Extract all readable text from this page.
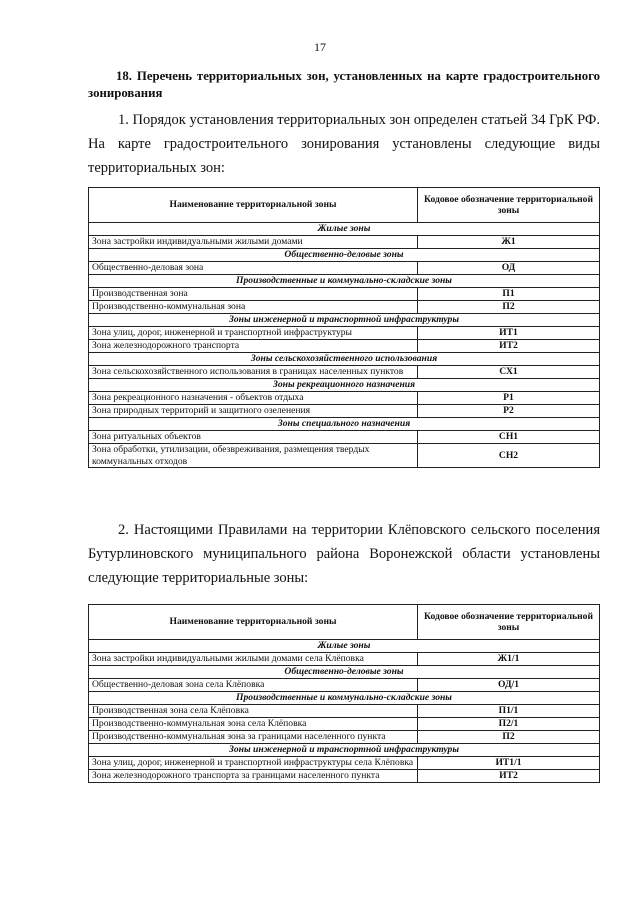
17
18. Перечень территориальных зон, установленных на карте градостроительного зонирования
1. Порядок установления территориальных зон определен статьей 34 ГрК РФ. На карте градостроительного зонирования установлены следующие виды территориальных зон:
Наименование территориальной зоны	Кодовое обозначение территориальной зоны
Жилые зоны	
Зона застройки индивидуальными жилыми домами	Ж1
Общественно-деловые зоны	
Общественно-деловая зона	ОД
Производственные и коммунально-складские зоны	
Производственная зона	П1
Производственно-коммунальная зона	П2
Зоны инженерной и транспортной инфраструктуры	
Зона улиц, дорог, инженерной и транспортной инфраструктуры	ИТ1
Зона железнодорожного транспорта	ИТ2
Зоны сельскохозяйственного использования	
Зона сельскохозяйственного использования в границах населенных пунктов	СХ1
Зоны рекреационного назначения	
Зона рекреационного назначения - объектов отдыха	Р1
Зона природных территорий и защитного озеленения	Р2
Зоны специального назначения	
Зона ритуальных объектов	СН1
Зона обработки, утилизации, обезвреживания, размещения твердых коммунальных отходов	СН2
2. Настоящими Правилами на территории Клёповского сельского поселения Бутурлиновского муниципального района Воронежской области установлены следующие территориальные зоны:
Наименование территориальной зоны	Кодовое обозначение территориальной зоны
Жилые зоны	
Зона застройки индивидуальными жилыми домами села Клёповка	Ж1/1
Общественно-деловые зоны	
Общественно-деловая зона села Клёповка	ОД/1
Производственные и коммунально-складские зоны	
Производственная зона села Клёповка	П1/1
Производственно-коммунальная зона села Клёповка	П2/1
Производственно-коммунальная зона за границами населенного пункта	П2
Зоны инженерной и транспортной инфраструктуры	
Зона улиц, дорог, инженерной и транспортной инфраструктуры села Клёповка	ИТ1/1
Зона железнодорожного транспорта за границами населенного пункта	ИТ2
